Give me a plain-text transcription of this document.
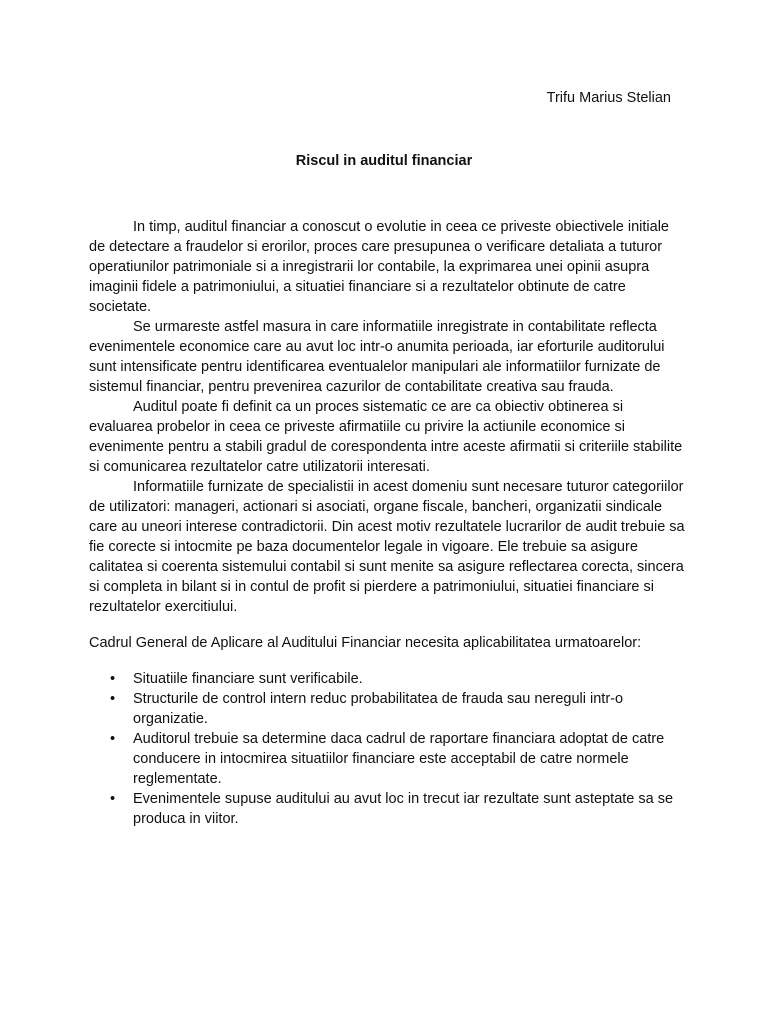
Trifu Marius Stelian
Riscul in auditul financiar

In timp, auditul financiar a conoscut o evolutie in ceea ce priveste obiectivele initiale de detectare a fraudelor si erorilor, proces care presupunea o verificare detaliata a tuturor operatiunilor patrimoniale si a inregistrarii lor contabile, la exprimarea unei opinii asupra imaginii fidele a patrimoniului, a situatiei financiare si a rezultatelor obtinute de catre societate.

Se urmareste astfel masura in care informatiile inregistrate in contabilitate reflecta evenimentele economice care au avut loc intr-o anumita perioada, iar eforturile auditorului sunt intensificate pentru identificarea eventualelor manipulari ale informatiilor furnizate de sistemul financiar, pentru prevenirea cazurilor de contabilitate creativa sau frauda.

Auditul poate fi definit ca un proces sistematic ce are ca obiectiv obtinerea si evaluarea probelor in ceea ce priveste afirmatiile cu privire la actiunile economice si evenimente pentru a stabili gradul de corespondenta intre aceste afirmatii si criteriile stabilite si comunicarea rezultatelor catre utilizatorii interesati.

Informatiile furnizate de specialistii in acest domeniu sunt necesare tuturor categoriilor de utilizatori: manageri, actionari si asociati, organe fiscale, bancheri, organizatii sindicale care au uneori interese contradictorii. Din acest motiv rezultatele lucrarilor de audit trebuie sa fie corecte si intocmite pe baza documentelor legale in vigoare. Ele trebuie sa asigure calitatea si coerenta sistemului contabil si sunt menite sa asigure reflectarea corecta, sincera si completa in bilant si in contul de profit si pierdere a patrimoniului, situatiei financiare si rezultatelor exercitiului.

Cadrul General de Aplicare al Auditului Financiar necesita aplicabilitatea urmatoarelor:

• Situatiile financiare sunt verificabile.
• Structurile de control intern reduc probabilitatea de frauda sau nereguli intr-o organizatie.
• Auditorul trebuie sa determine daca cadrul de raportare financiara adoptat de catre conducere in intocmirea situatiilor financiare este acceptabil de catre normele reglementate.
• Evenimentele supuse auditului au avut loc in trecut iar rezultate sunt asteptate sa se produca in viitor.
